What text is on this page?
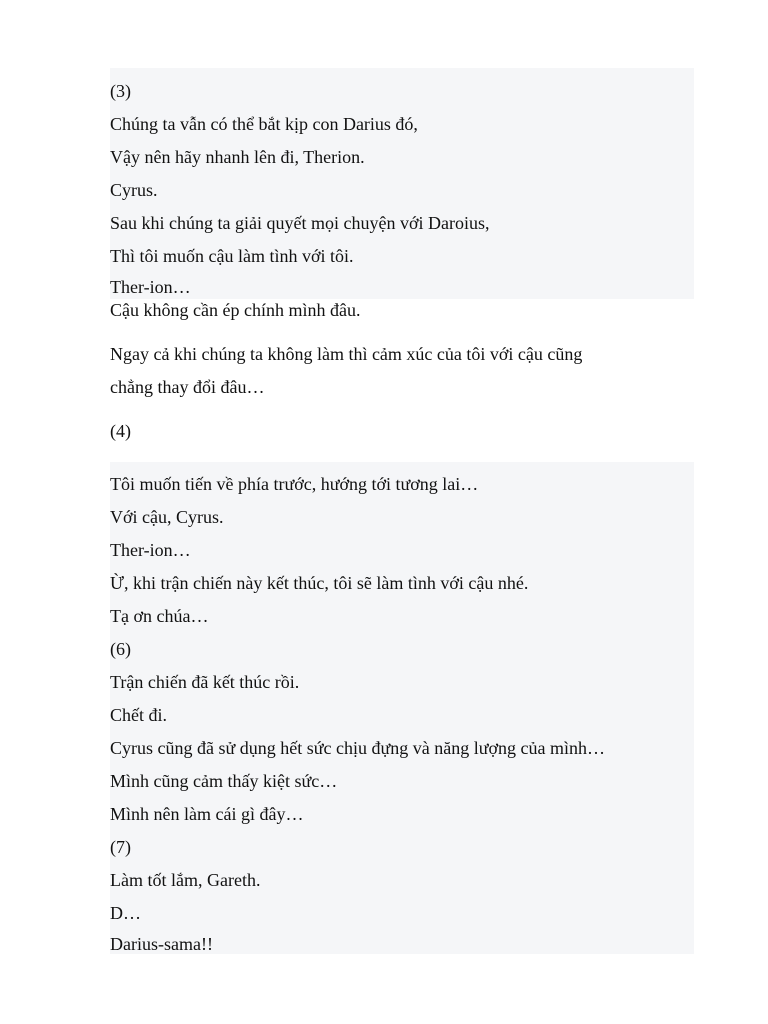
(3)
Chúng ta vẫn có thể bắt kịp con Darius đó,
Vậy nên hãy nhanh lên đi, Therion.
Cyrus.
Sau khi chúng ta giải quyết mọi chuyện với Daroius,
Thì tôi muốn cậu làm tình với tôi.
Ther-ion…
Cậu không cần ép chính mình đâu.
Ngay cả khi chúng ta không làm thì cảm xúc của tôi với cậu cũng
chẳng thay đổi đâu…
(4)
Tôi muốn tiến về phía trước, hướng tới tương lai…
Với cậu, Cyrus.
Ther-ion…
Ừ, khi trận chiến này kết thúc, tôi sẽ làm tình với cậu nhé.
Tạ ơn chúa…
(6)
Trận chiến đã kết thúc rồi.
Chết đi.
Cyrus cũng đã sử dụng hết sức chịu đựng và năng lượng của mình…
Mình cũng cảm thấy kiệt sức…
Mình nên làm cái gì đây…
(7)
Làm tốt lắm, Gareth.
D…
Darius-sama!!
